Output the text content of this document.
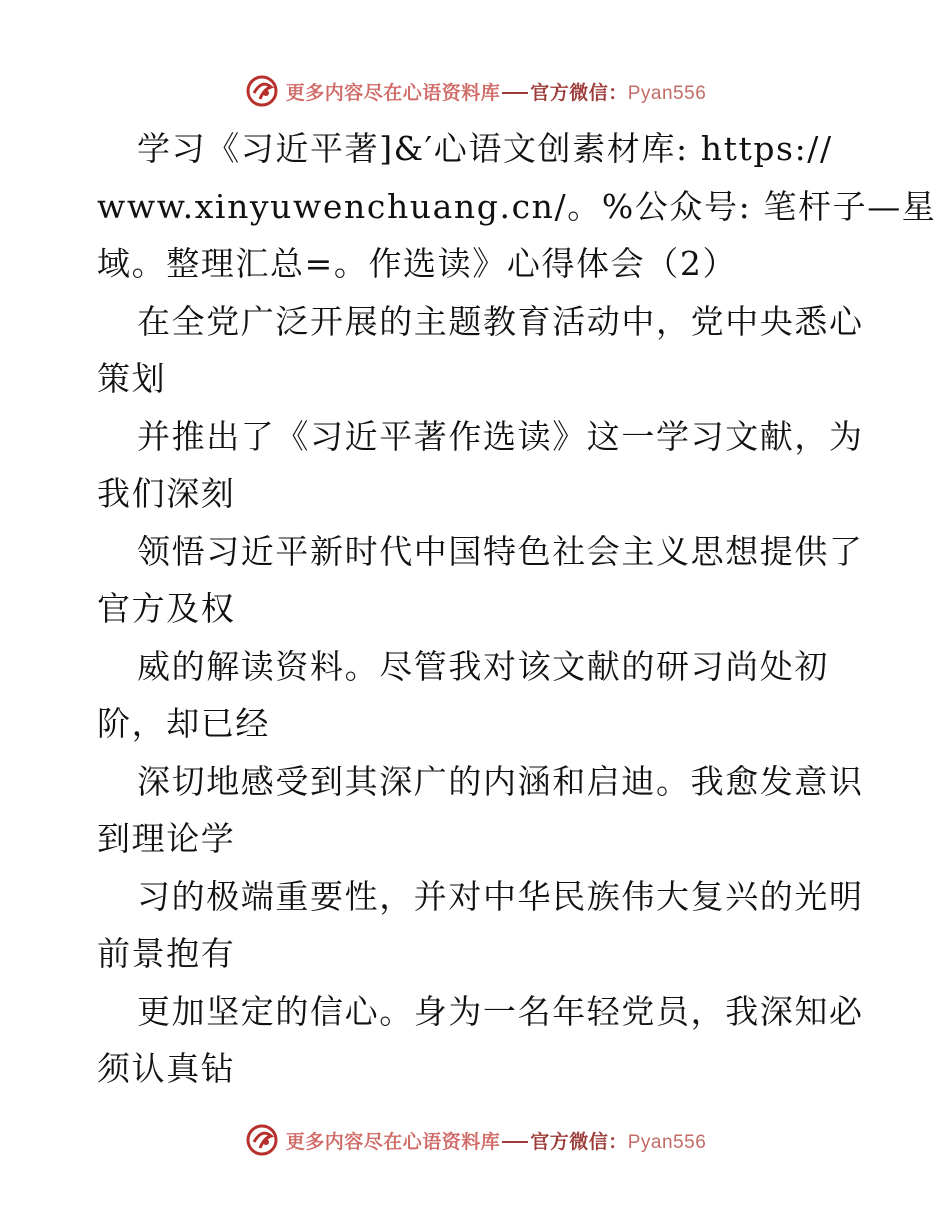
更多内容尽在心语资料库 官方微信：Pyan556
学习《习近平著]&′心语文创素材库: https://
www.xinyuwenchuang.cn/。%公众号: 笔杆子—星
域。整理汇总=。作选读》心得体会（2）
在全党广泛开展的主题教育活动中，党中央悉心
策划
并推出了《习近平著作选读》这一学习文献，为
我们深刻
领悟习近平新时代中国特色社会主义思想提供了
官方及权
威的解读资料。尽管我对该文献的研习尚处初
阶，却已经
深切地感受到其深广的内涵和启迪。我愈发意识
到理论学
习的极端重要性，并对中华民族伟大复兴的光明
前景抱有
更加坚定的信心。身为一名年轻党员，我深知必
须认真钻
更多内容尽在心语资料库 官方微信：Pyan556
